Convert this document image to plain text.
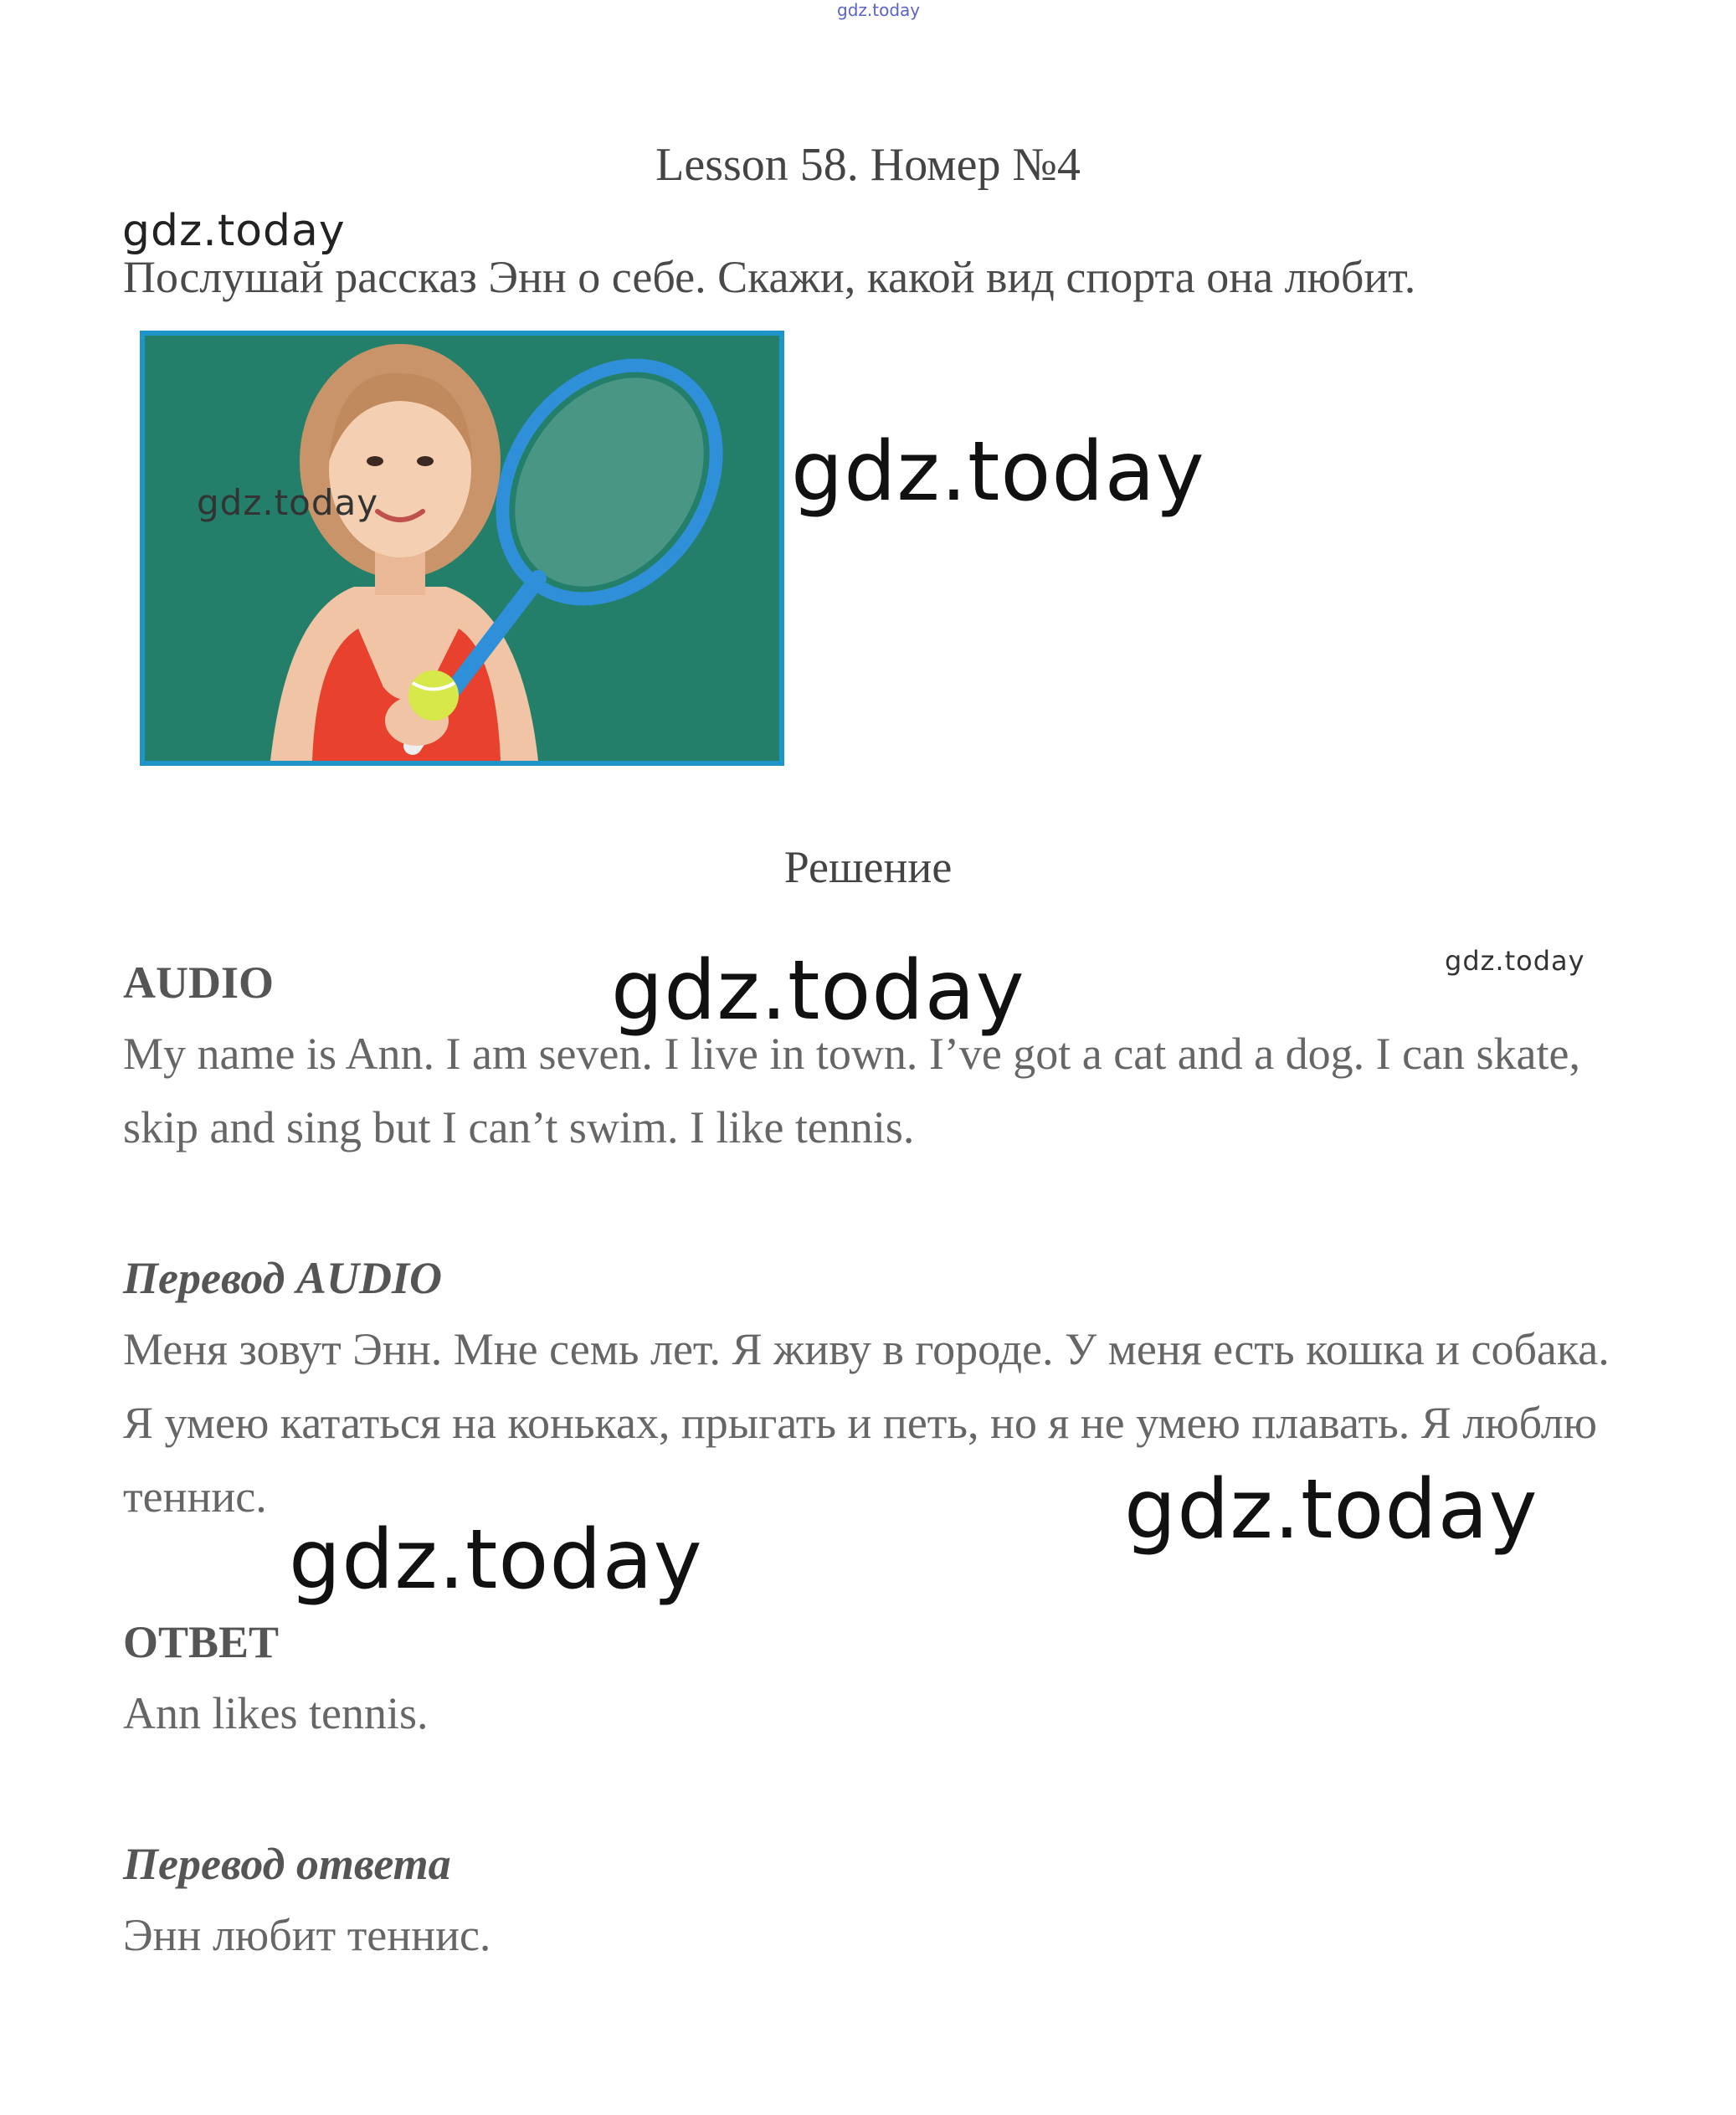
gdz.today
Lesson 58. Номер №4
gdz.today
Послушай рассказ Энн о себе. Скажи, какой вид спорта она любит.
gdz.today	gdz.today
Решение
gdz.today	gdz.today
AUDIO

My name is Ann. I am seven. I live in town. I’ve got a cat and a dog. I can skate, skip and sing but I can’t swim. I like tennis.

Перевод AUDIO

Меня зовут Энн. Мне семь лет. Я живу в городе. У меня есть кошка и собака. Я умею кататься на коньках, прыгать и петь, но я не умею плавать. Я люблю теннис.	gdz.today
gdz.today
ОТВЕТ

Ann likes tennis.

Перевод ответа

Энн любит теннис.
